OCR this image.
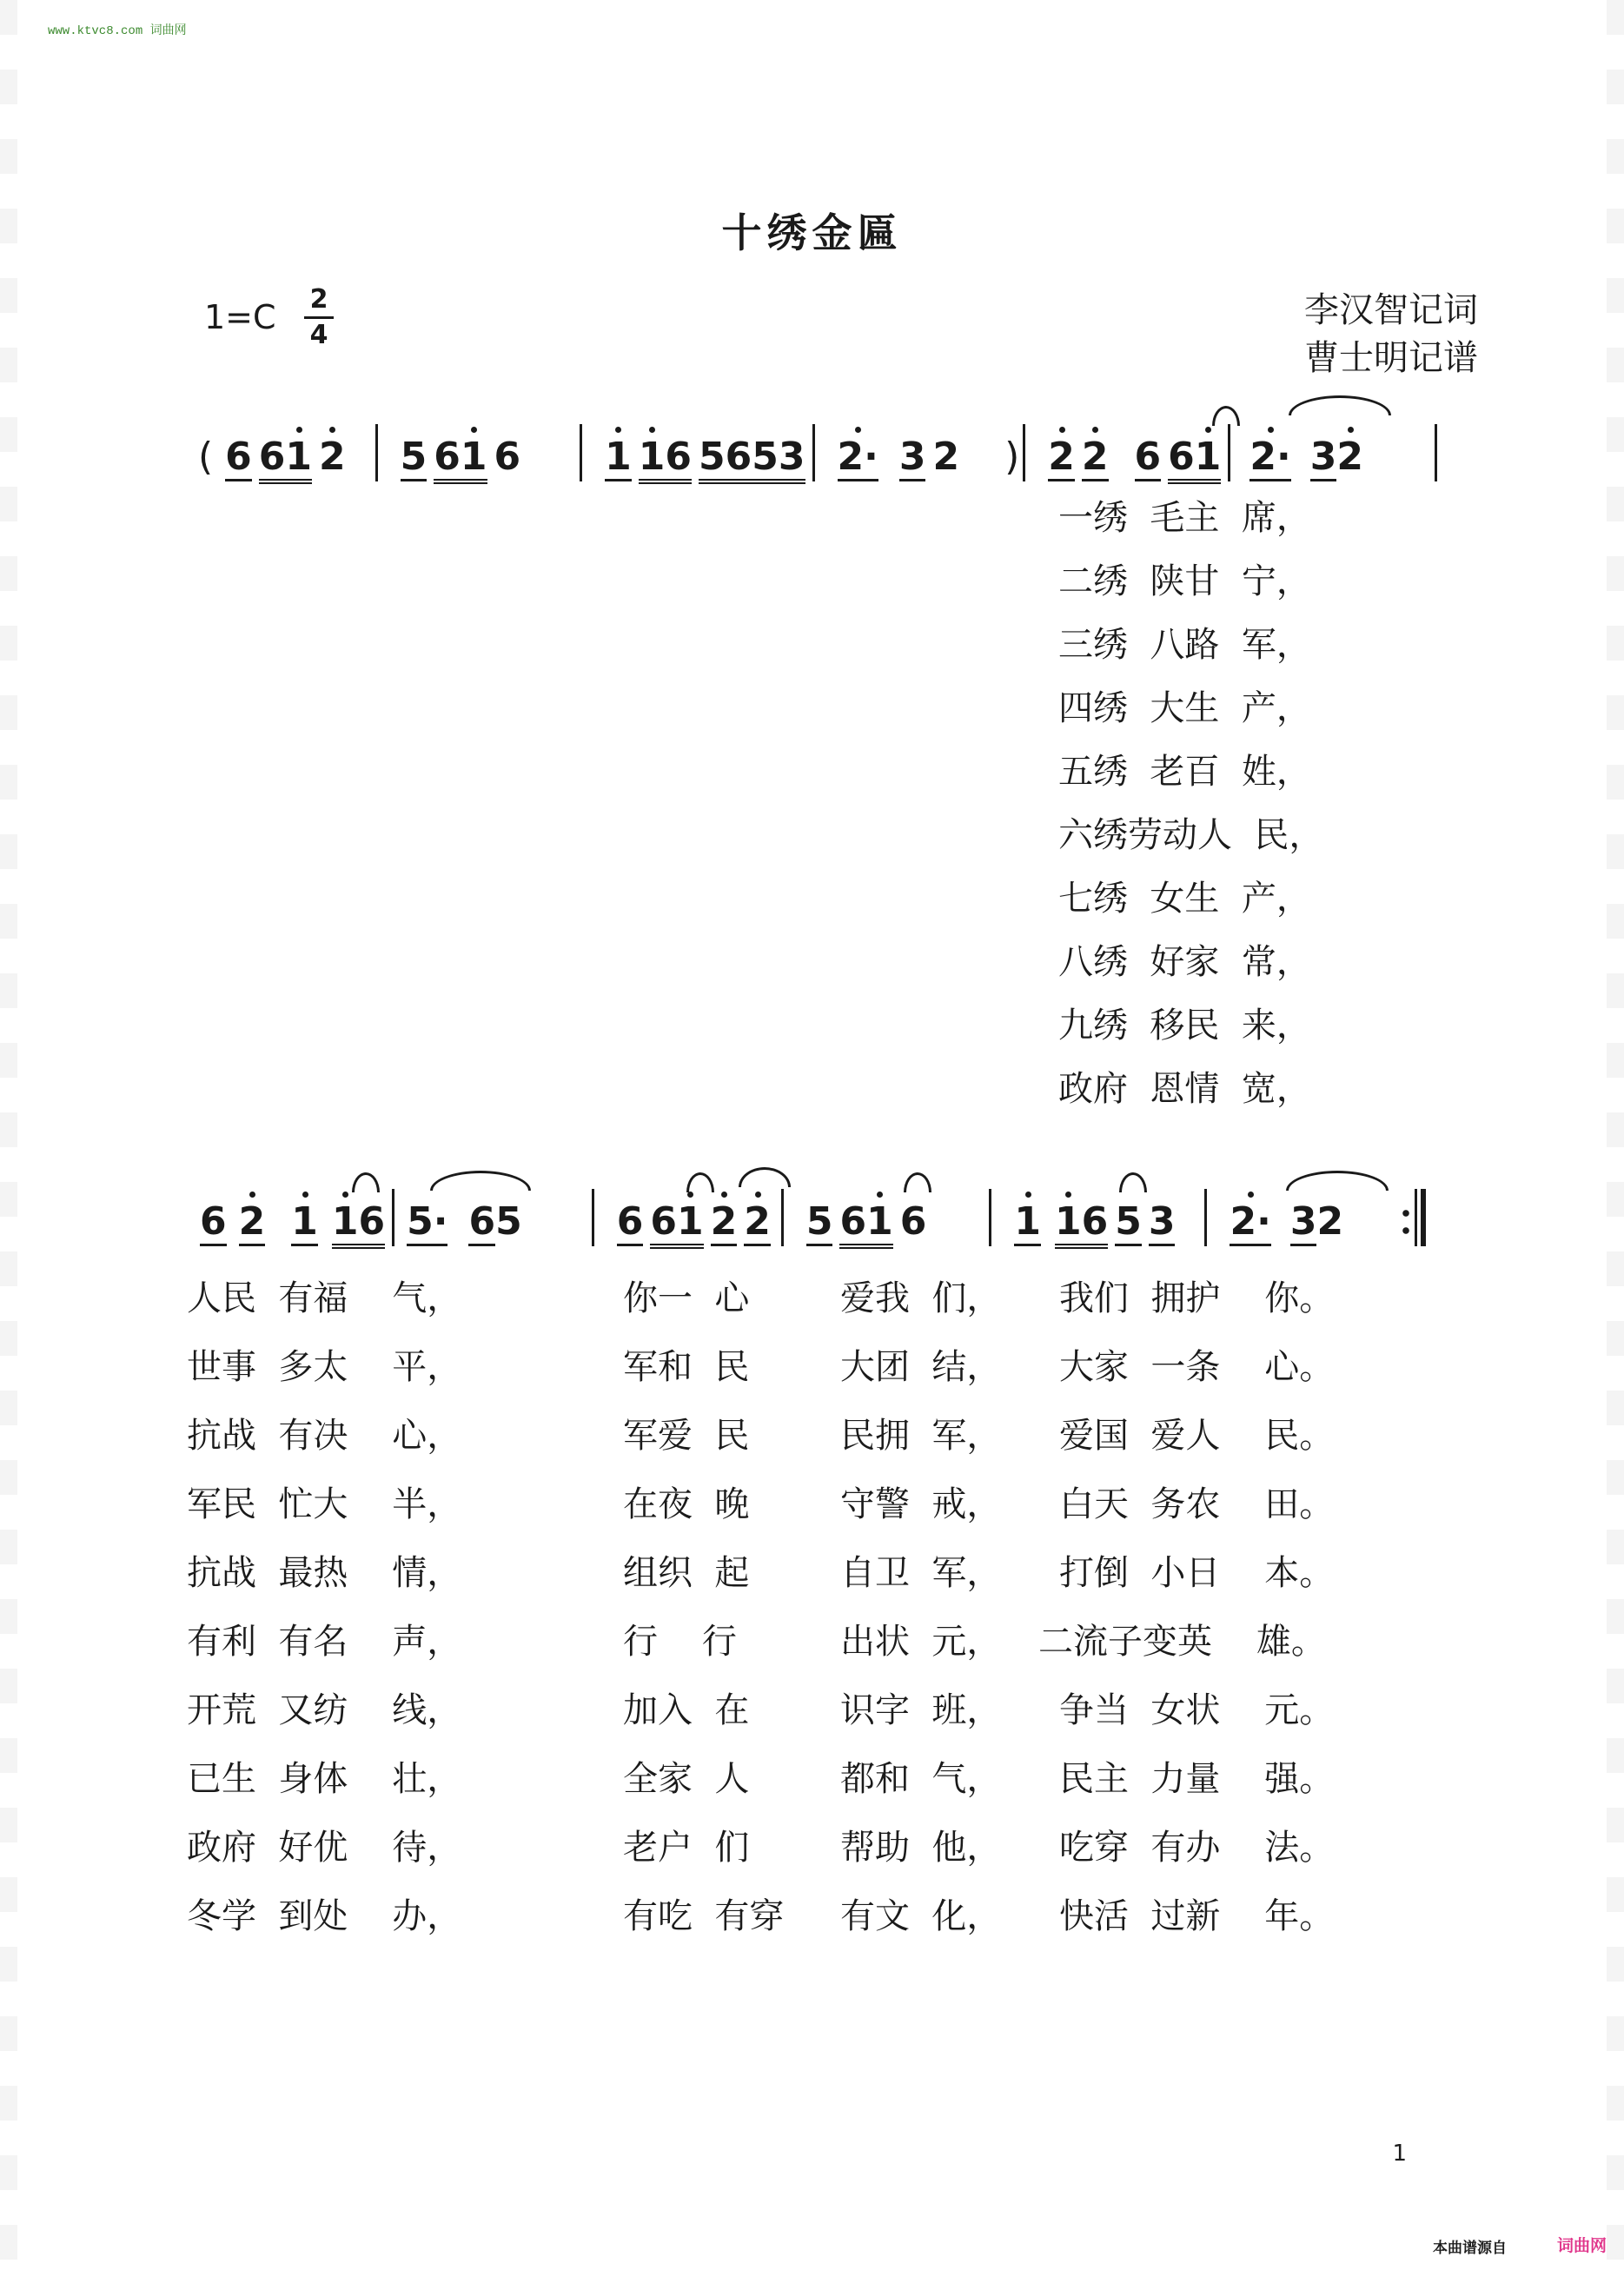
www.ktvc8.com 词曲网
十绣金匾
$1=C \frac{2}{4}$	李汉智记词
曹士明记谱
( 6 61 2 5 61 6 1 16 5653 2· 3 2 ) 2 2 6 61 2· 32
一绣  毛主  席，
二绣  陕甘  宁，
三绣  八路  军，
四绣  大生  产，
五绣  老百  姓，
六绣劳动人  民，
七绣  女生  产，
八绣  好家  常，
九绣  移民  来，
政府  恩情  宽，
6 2 1 16 5· 65 6 61 2 2 5 61 6 1 16 5 3 2· 32
人民  有福    气，
世事  多太    平，
抗战  有决    心，
军民  忙大    半，
抗战  最热    情，
有利  有名    声，
开荒  又纺    线，
已生  身体    壮，
政府  好优    待，
冬学  到处    办，
你一  心
军和  民
军爱  民
在夜  晚
组织  起
行    行
加入  在
全家  人
老户  们
有吃  有穿
爱我  们，
大团  结，
民拥  军，
守警  戒，
自卫  军，
出状  元，
识字  班，
都和  气，
帮助  他，
有文  化，
我们  拥护    你。
大家  一条    心。
爱国  爱人    民。
白天  务农    田。
打倒  小日    本。
二流子变英    雄。
争当  女状    元。
民主  力量    强。
吃穿  有办    法。
快活  过新    年。
1
本曲谱源自	词曲网
